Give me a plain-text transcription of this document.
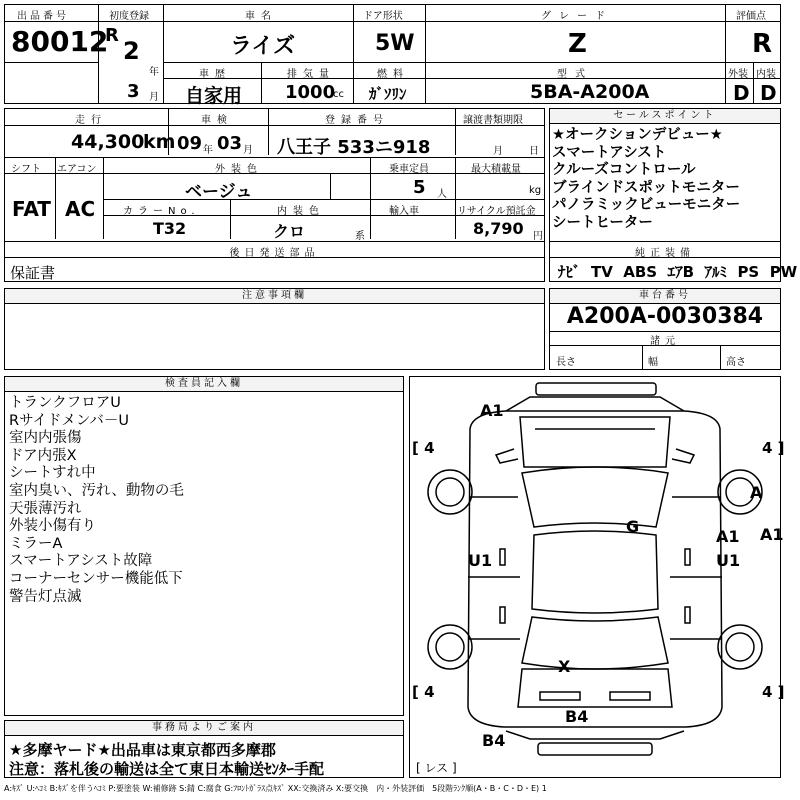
出品番号
80012
初度登録
R
2
年
3 月
車名
ライズ
ドア形状
5W
グレード
Z
評価点
R
車歴
自家用
排気量
1000
cc
燃料
ｶﾞｿﾘﾝ
型式
5BA-A200A
外装
D
内装
D
走行
44,300
km
車検
09 年 03 月
登録番号
八王子 533ニ918
譲渡書類期限
月	日
シフト
FAT
エアコン
AC
外装色
ベージュ
乗車定員
5 人
最大積載量
kg
カラーNo.
T32
内装色
クロ	系
輸入車	リサイクル預託金
8,790 円
後日発送部品
保証書
セールスポイント
★オークションデビュー★
スマートアシスト
クルーズコントロール
ブラインドスポットモニター
パノラミックビューモニター
シートヒーター
純正装備
ﾅﾋﾞ TV ABS ｴｱB ｱﾙﾐ PS PW
注意事項欄	車台番号
A200A-0030384
諸元
長さ	幅	高さ
検査員記入欄
トランクフロアU
Rサイドメンバ－U
室内内張傷
ドア内張X
シートすれ中
室内臭い、汚れ、動物の毛
天張薄汚れ
外装小傷有り
ミラーA
スマートアシスト故障
コーナーセンサー機能低下
警告灯点滅
事務局よりご案内
★多摩ヤード★出品車は東京都西多摩郡
注意：落札後の輸送は全て東日本輸送ｾﾝﾀｰ手配
A1
G
A1 A1
U1	U1
A
X
B4
B4
[ 4	4 ]
[ 4	4 ]
[ レス ]
A:ｷｽﾞ U:ﾍｺﾐ B:ｷｽﾞを伴うﾍｺﾐ P:要塗装 W:補修跡 S:錆 C:腐食 G:ﾌﾛﾝﾄｶﾞﾗｽ点ｷｽﾞ XX:交換済み X:要交換　内・外装評価　5段階ﾗﾝｸ順(A・B・C・D・E) 1
